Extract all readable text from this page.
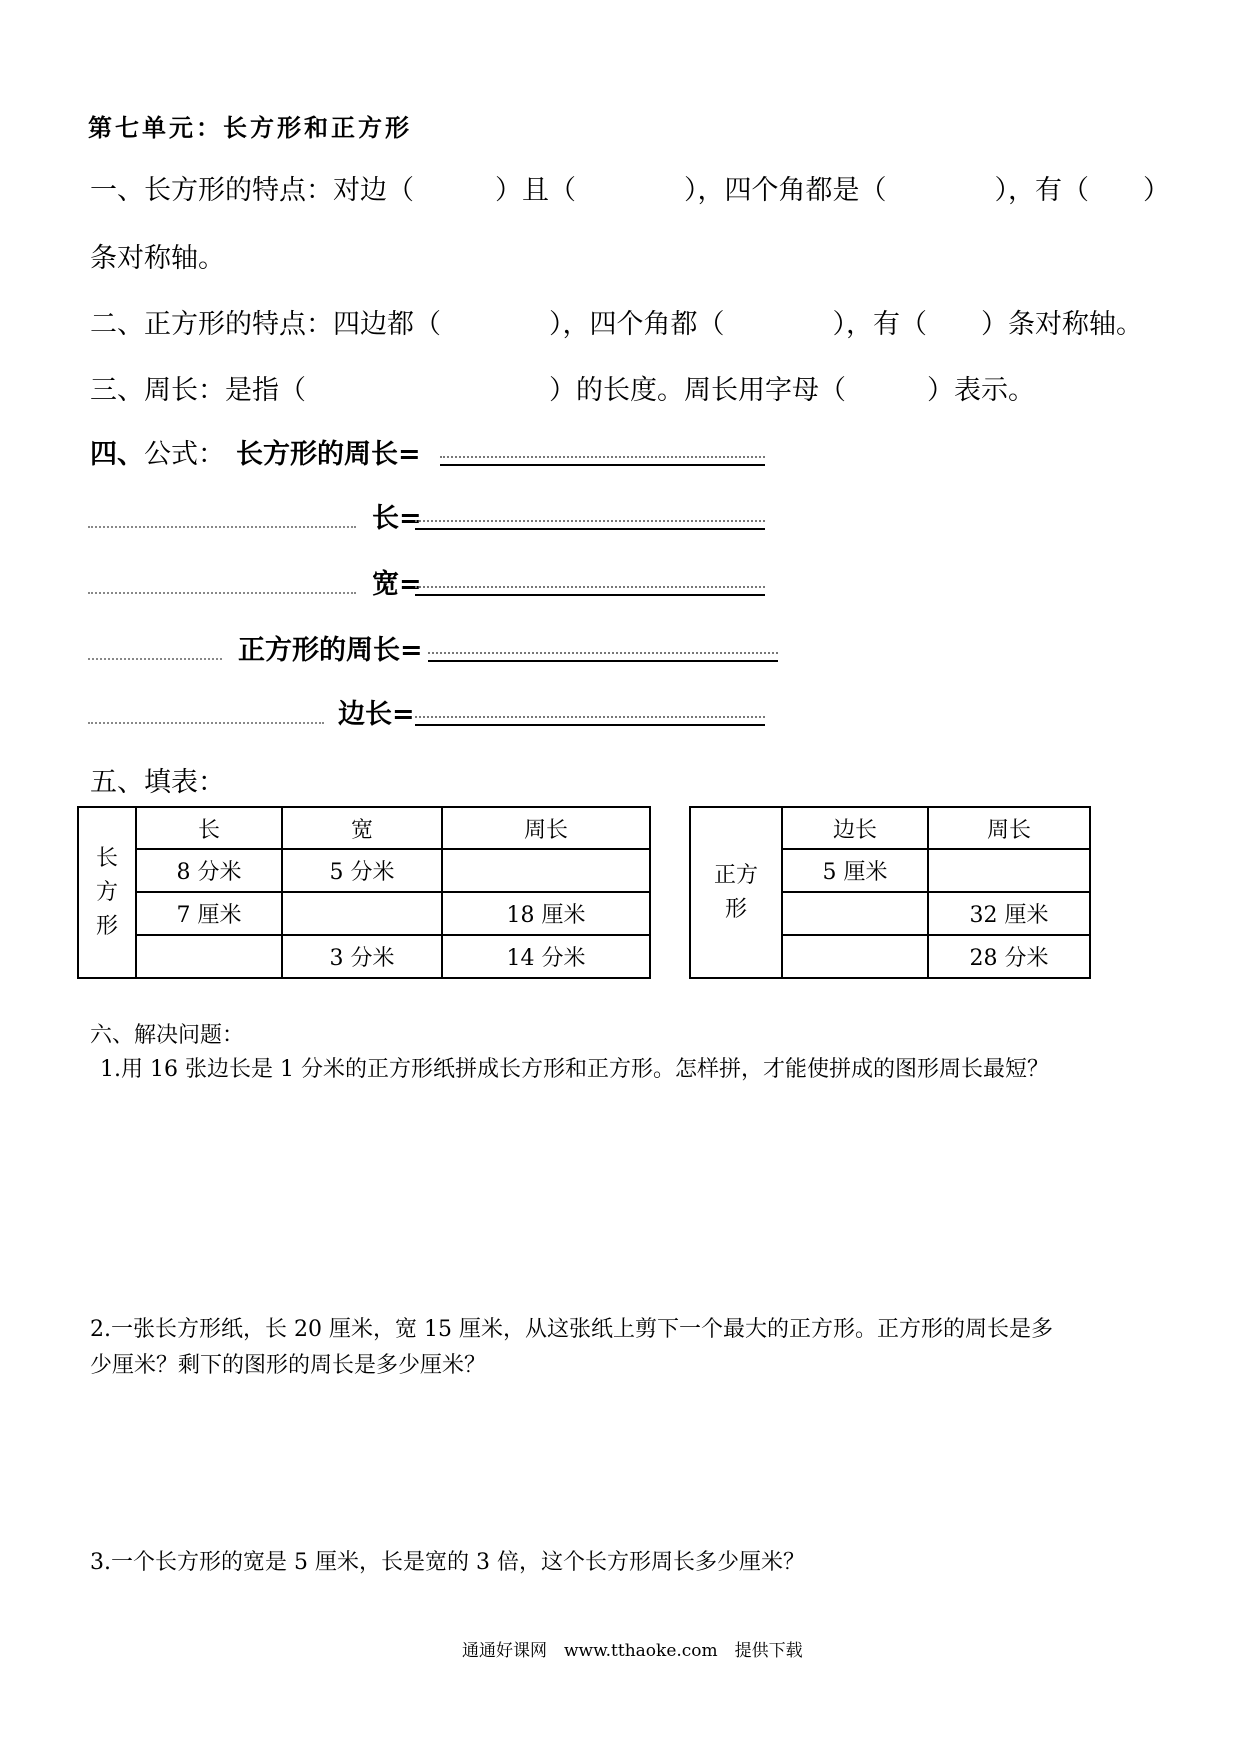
第七单元：长方形和正方形
一、长方形的特点：对边（　　　）且（　　　　），四个角都是（　　　　），有（　　）
条对称轴。
二、正方形的特点：四边都（　　　　），四个角都（　　　　），有（　　）条对称轴。
三、周长：是指（　　　　　　　　　）的长度。周长用字母（　　　）表示。
四、 公式： 长方形的周长=
长=
宽=
正方形的周长=
边长=
五、填表：
长
方
形	长	宽	周长
	8 分米	5 分米	
	7 厘米		18 厘米
		3 分米	14 分米
正方
形	边长	周长
	5 厘米	
		32 厘米
		28 分米
六、解决问题：
1.用 16 张边长是 1 分米的正方形纸拼成长方形和正方形。怎样拼，才能使拼成的图形周长最短？
2.一张长方形纸，长 20 厘米，宽 15 厘米，从这张纸上剪下一个最大的正方形。正方形的周长是多
少厘米？剩下的图形的周长是多少厘米？
3.一个长方形的宽是 5 厘米，长是宽的 3 倍，这个长方形周长多少厘米？
通通好课网　www.tthaoke.com　提供下载
